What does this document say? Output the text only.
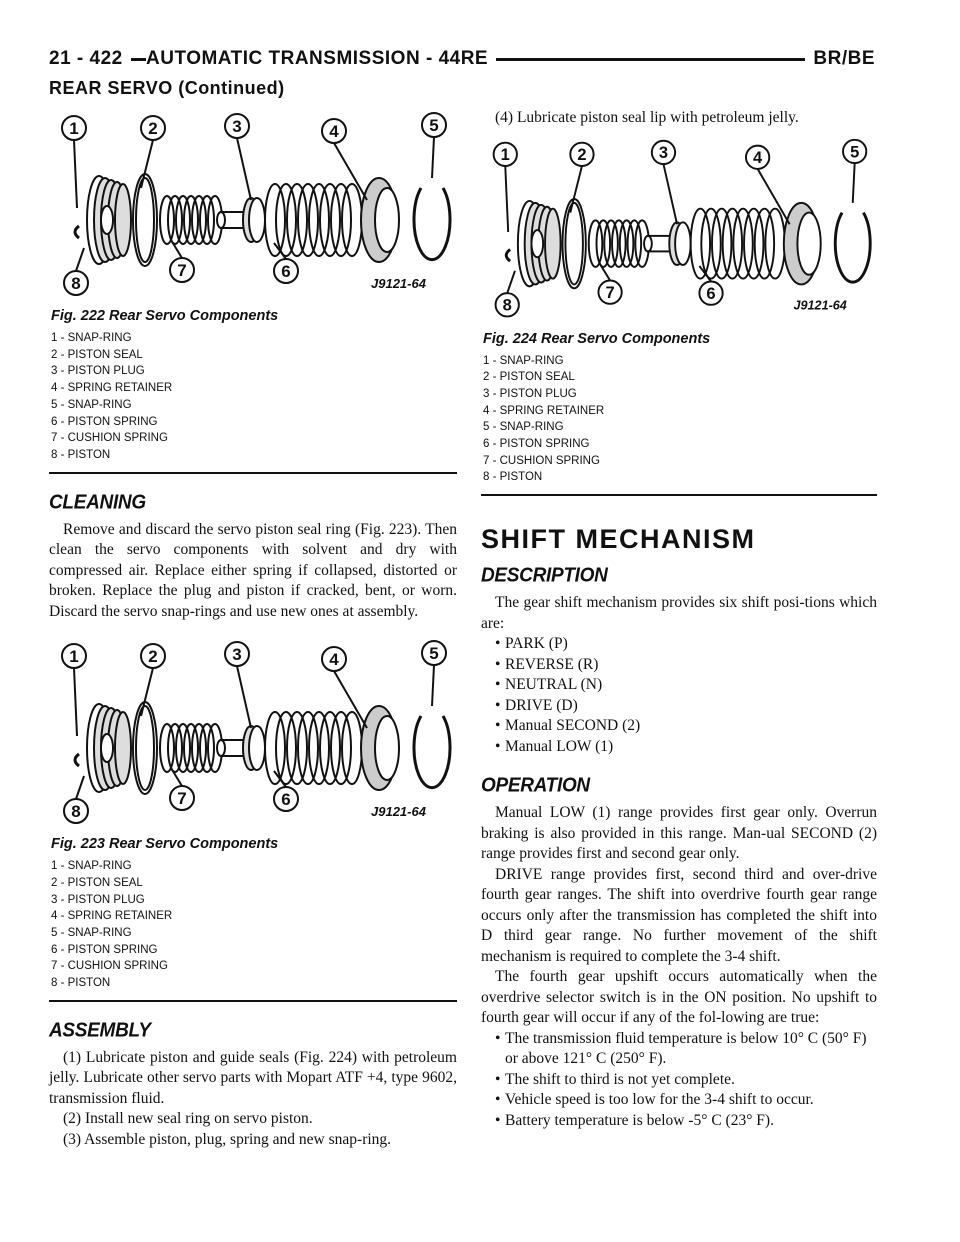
21 - 422	AUTOMATIC TRANSMISSION - 44RE	BR/BE
REAR SERVO (Continued)
1	2	3	4	5
8
7	6
J9121-64
Fig. 222 Rear Servo Components
1 - SNAP-RING
2 - PISTON SEAL
3 - PISTON PLUG
4 - SPRING RETAINER
5 - SNAP-RING
6 - PISTON SPRING
7 - CUSHION SPRING
8 - PISTON
CLEANING

Remove and discard the servo piston seal ring (Fig. 223). Then clean the servo components with solvent and dry with compressed air. Replace either spring if collapsed, distorted or broken. Replace the plug and piston if cracked, bent, or worn. Discard the servo snap-rings and use new ones at assembly.

1	2	3	4	5
8
7	6
J9121-64
Fig. 223 Rear Servo Components
1 - SNAP-RING
2 - PISTON SEAL
3 - PISTON PLUG
4 - SPRING RETAINER
5 - SNAP-RING
6 - PISTON SPRING
7 - CUSHION SPRING
8 - PISTON
ASSEMBLY

(1) Lubricate piston and guide seals (Fig. 224) with petroleum jelly. Lubricate other servo parts with Mopart ATF +4, type 9602, transmission fluid.

(2) Install new seal ring on servo piston.

(3) Assemble piston, plug, spring and new snap-ring.

(4) Lubricate piston seal lip with petroleum jelly.

1	2	3	4	5
8
7	6
J9121-64
Fig. 224 Rear Servo Components
1 - SNAP-RING
2 - PISTON SEAL
3 - PISTON PLUG
4 - SPRING RETAINER
5 - SNAP-RING
6 - PISTON SPRING
7 - CUSHION SPRING
8 - PISTON
SHIFT MECHANISM
DESCRIPTION

The gear shift mechanism provides six shift posi-tions which are:

• PARK (P)
• REVERSE (R)
• NEUTRAL (N)
• DRIVE (D)
• Manual SECOND (2)
• Manual LOW (1)
OPERATION

Manual LOW (1) range provides first gear only. Overrun braking is also provided in this range. Man-ual SECOND (2) range provides first and second gear only.

DRIVE range provides first, second third and over-drive fourth gear ranges. The shift into overdrive fourth gear range occurs only after the transmission has completed the shift into D third gear range. No further movement of the shift mechanism is required to complete the 3-4 shift.

The fourth gear upshift occurs automatically when the overdrive selector switch is in the ON position. No upshift to fourth gear will occur if any of the fol-lowing are true:

• The transmission fluid temperature is below 10° C (50° F) or above 121° C (250° F).
• The shift to third is not yet complete.
• Vehicle speed is too low for the 3-4 shift to occur.
• Battery temperature is below -5° C (23° F).
